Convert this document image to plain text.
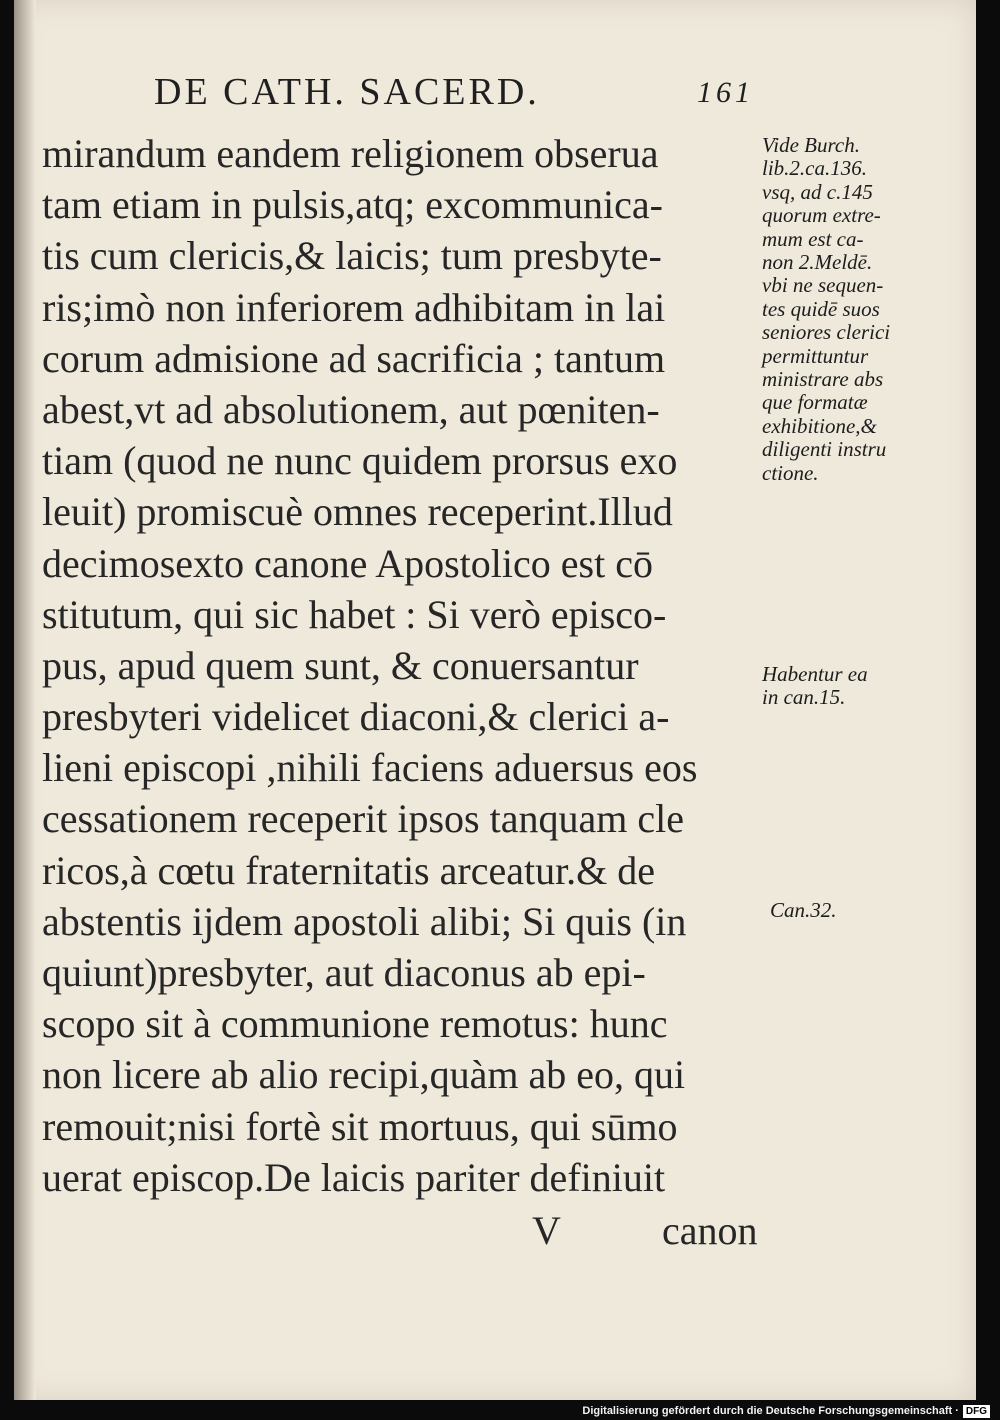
DE CATH. SACERD.	161
mirandum eandem religionem obserua
tam etiam in pulsis,atq; excommunica-
tis cum clericis,& laicis; tum presbyte-
ris;imò non inferiorem adhibitam in lai
corum admisione ad sacrificia ; tantum
abest,vt ad absolutionem, aut pœniten-
tiam (quod ne nunc quidem prorsus exo
leuit) promiscuè omnes receperint.Illud
decimosexto canone Apostolico est cō
stitutum, qui sic habet : Si verò episco-
pus, apud quem sunt, & conuersantur
presbyteri videlicet diaconi,& clerici a-
lieni episcopi ,nihili faciens aduersus eos
cessationem receperit ipsos tanquam cle
ricos,à cœtu fraternitatis arceatur.& de
abstentis ijdem apostoli alibi; Si quis (in
quiunt)presbyter, aut diaconus ab epi-
scopo sit à communione remotus: hunc
non licere ab alio recipi,quàm ab eo, qui
remouit;nisi fortè sit mortuus, qui sūmo
uerat episcop.De laicis pariter definiuit
Vide Burch.
lib.2.ca.136.
vsq, ad c.145
quorum extre-
mum est ca-
non 2.Meldē.
vbi ne sequen-
tes quidē suos
seniores clerici
permittuntur
ministrare abs
que formatæ
exhibitione,&
diligenti instru
ctione.
Habentur ea
in can.15.
Can.32.
V	canon
Digitalisierung gefördert durch die Deutsche Forschungsgemeinschaft · DFG
